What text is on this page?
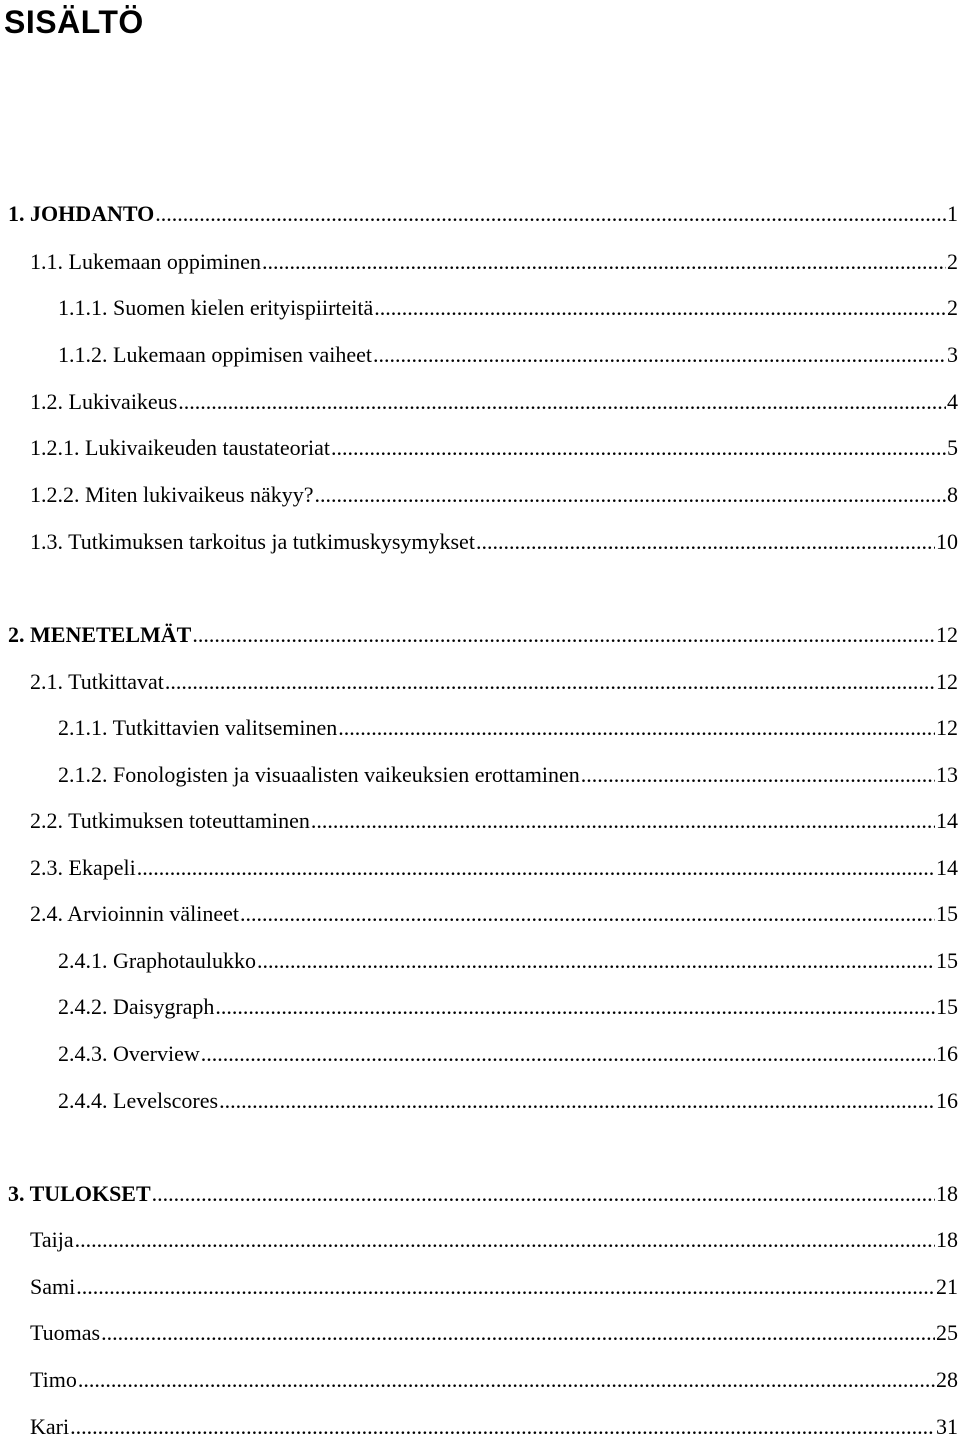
SISÄLTÖ
1. JOHDANTO .....	1
1.1. Lukemaan oppiminen .....	2
1.1.1. Suomen kielen erityispiirteitä .....	2
1.1.2. Lukemaan oppimisen vaiheet .....	3
1.2. Lukivaikeus .....	4
1.2.1. Lukivaikeuden taustateoriat .....	5
1.2.2. Miten lukivaikeus näkyy? .....	8
1.3. Tutkimuksen tarkoitus ja tutkimuskysymykset .....	10
2. MENETELMÄT .....	12
2.1. Tutkittavat .....	12
2.1.1. Tutkittavien valitseminen .....	12
2.1.2. Fonologisten ja visuaalisten vaikeuksien erottaminen .....	13
2.2. Tutkimuksen toteuttaminen .....	14
2.3. Ekapeli .....	14
2.4. Arvioinnin välineet .....	15
2.4.1. Graphotaulukko .....	15
2.4.2. Daisygraph .....	15
2.4.3. Overview .....	16
2.4.4. Levelscores .....	16
3. TULOKSET .....	18
Taija .....	18
Sami .....	21
Tuomas .....	25
Timo .....	28
Kari .....	31
